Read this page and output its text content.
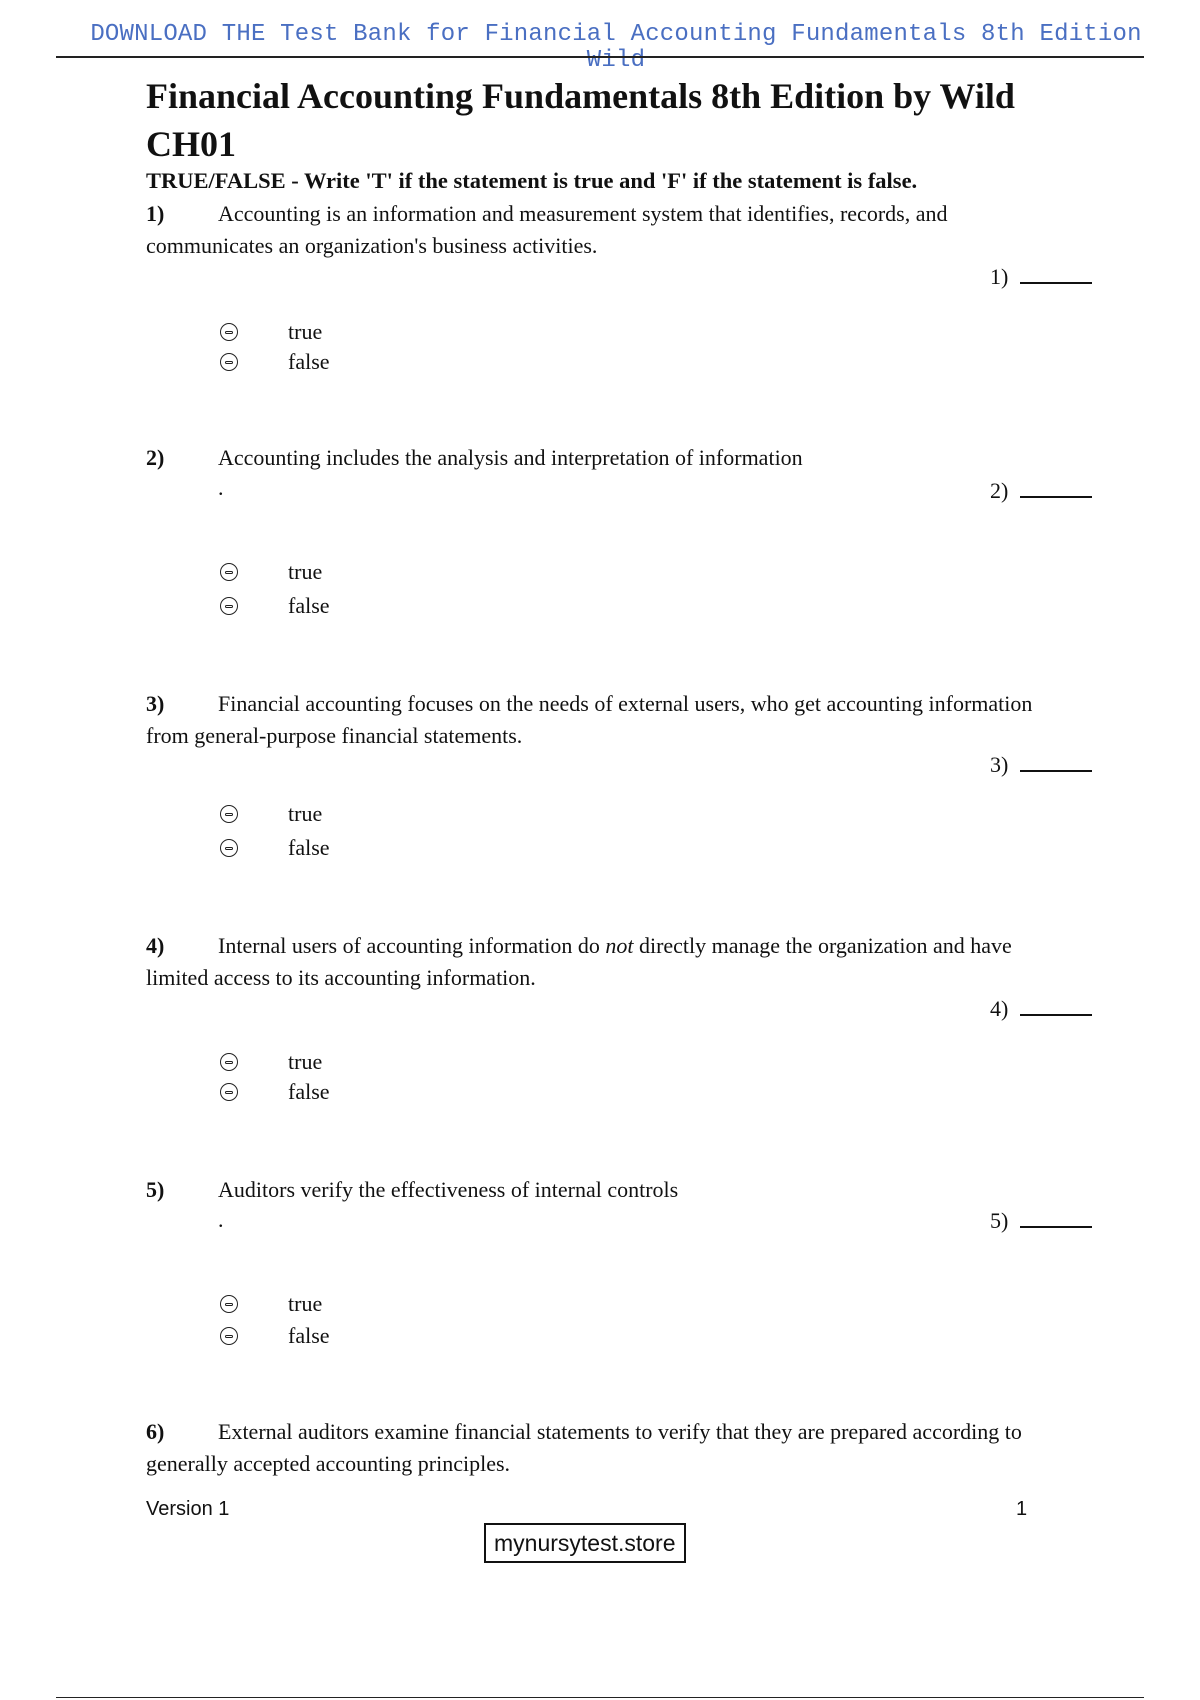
DOWNLOAD THE Test Bank for Financial Accounting Fundamentals 8th Edition Wild
Financial Accounting Fundamentals 8th Edition by Wild CH01

TRUE/FALSE - Write 'T' if the statement is true and 'F' if the statement is false.

1) Accounting is an information and measurement system that identifies, records, and communicates an organization's business activities.

1)
true
false

2) Accounting includes the analysis and interpretation of information

.	2)
true
false

3) Financial accounting focuses on the needs of external users, who get accounting information from general-purpose financial statements.

3)
true
false

4) Internal users of accounting information do not directly manage the organization and have limited access to its accounting information.

4)
true
false

5) Auditors verify the effectiveness of internal controls

.	5)
true
false

6) External auditors examine financial statements to verify that they are prepared according to generally accepted accounting principles.

Version 1	1
mynursytest.store
